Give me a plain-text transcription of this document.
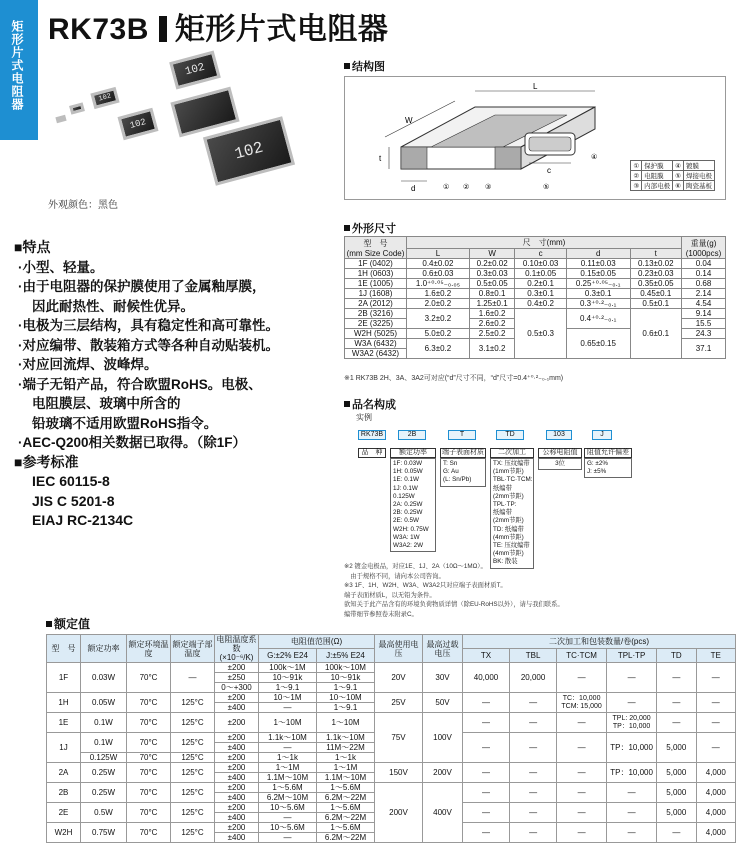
矩形片式电阻器 RK73B 矩形片式电阻器
102
102
102
102
外观颜色：黑色
结构图
L
W
t
d
c
① ② ③
④
⑤
①	保护膜	④	镀膜
②	电阻膜	⑤	焊接电极
③	内部电极	⑥	陶瓷基板
■特点
·小型、轻量。
·由于电阻器的保护膜使用了金属釉厚膜，
因此耐热性、耐候性优异。
·电极为三层结构，具有稳定性和高可靠性。
·对应编带、散装箱方式等各种自动贴装机。
·对应回流焊、波峰焊。
·端子无铅产品，符合欧盟RoHS。电极、
电阻膜层、玻璃中所含的
铅玻璃不适用欧盟RoHS指令。
·AEC-Q200相关数据已取得。（除1F）
■参考标准
IEC 60115-8
JIS C 5201-8
EIAJ RC-2134C
外形尺寸
型　号
(mm Size Code)	尺　寸(mm)					重量(g)
(1000pcs)
	L	W	c	d	t	
1F (0402)	0.4±0.02	0.2±0.02	0.10±0.03	0.11±0.03	0.13±0.02	0.04
1H (0603)	0.6±0.03	0.3±0.03	0.1±0.05	0.15±0.05	0.23±0.03	0.14
1E (1005)	1.0⁺⁰·⁰⁵₋₀.₀₅	0.5±0.05	0.2±0.1	0.25⁺⁰·⁰⁵₋₀.₁	0.35±0.05	0.68
1J (1608)	1.6±0.2	0.8±0.1	0.3±0.1	0.3±0.1	0.45±0.1	2.14
2A (2012)	2.0±0.2	1.25±0.1	0.4±0.2	0.3⁺⁰·²₋₀.₁	0.5±0.1	4.54
2B (3216)	3.2±0.2	1.6±0.2	0.5±0.3	0.4⁺⁰·²₋₀.₁	0.6±0.1	9.14
2E (3225)		2.6±0.2				15.5
W2H (5025)	5.0±0.2	2.5±0.2		0.65±0.15		24.3
W3A (6432)	6.3±0.2	3.1±0.2				37.1
W3A2 (6432)						
※1 RK73B 2H、3A、3A2可对应(“d”尺寸不同，“d”尺寸=0.4⁺⁰·²₋₀.₁mm)
品名构成
实例
RK73B	2B	T	TD	103	J
品　种	额定功率	端子表面材质	二次加工	公称电阻值	阻值允许偏差
1F: 0.03W
1H: 0.05W
1E: 0.1W
1J: 0.1W
0.125W
2A: 0.25W
2B: 0.25W
2E: 0.5W
W2H: 0.75W
W3A: 1W
W3A2: 2W
T: Sn
G: Au
(L: Sn/Pb)
TX: 压纹编带
(1mm节距)
TBL·TC·TCM:
纸编带
(2mm节距)
TPL·TP:
纸编带
(2mm节距)
TD: 纸编带
(4mm节距)
TE: 压纹编带
(4mm节距)
BK: 散装
3位	G: ±2%
J: ±5%
※2 镀金电极品，对应1E、1J、2A（10Ω～1MΩ）。
　由于规格不同，请向本公司咨询。
※3 1F、1H、W2H、W3A、W3A2只对应端子表面材质T。
端子表面材质L，以无铅为条件。
欲知关于此产品含有的环境负荷物质详情（除EU-RoHS以外），请与我们联系。
编带细节参照卷末附录C。
额定值
型　号	额定功率	额定环境温度	额定端子部温度	电阻温度系数(×10⁻⁶/K)	电阻值范围(Ω)		最高使用电压	最高过载电压	二次加工和包装数量/卷(pcs)					
					G:±2% E24	J:±5% E24			TX	TBL	TC·TCM	TPL·TP	TD	TE
1F	0.03W	70°C	—	±200	100k～1M	100k～10M	20V	30V	40,000	20,000	—	—	—	—
				±250	10～91k	10～91k								
				0～+300	1～9.1	1～9.1								
1H	0.05W	70°C	125°C	±200	10～1M	10～10M	25V	50V	—	—	TC：10,000 TCM: 15,000	—	—	—
				±400	—	1～9.1								
1E	0.1W	70°C	125°C	±200	1～10M	1～10M	75V	100V	—	—	—	TPL: 20,000 TP：10,000	—	—
1J	0.1W	70°C	125°C	±200	1.1k～10M	1.1k～10M			—	—	—	TP：10,000	5,000	—
				±400	—	11M～22M								
	0.125W	70°C	125°C	±200	1～1k	1～1k								
2A	0.25W	70°C	125°C	±200	1～1M	1～1M	150V	200V	—	—	—	TP：10,000	5,000	4,000
				±400	1.1M～10M	1.1M～10M								
2B	0.25W	70°C	125°C	±200	1～5.6M	1～5.6M	200V	400V	—	—	—	—	5,000	4,000
				±400	6.2M～10M	6.2M～22M								
2E	0.5W	70°C	125°C	±200	10～5.6M	1～5.6M			—	—	—	—	5,000	4,000
				±400	—	6.2M～22M								
W2H	0.75W	70°C	125°C	±200	10～5.6M	1～5.6M			—	—	—	—	—	4,000
				±400	—	6.2M～22M								
